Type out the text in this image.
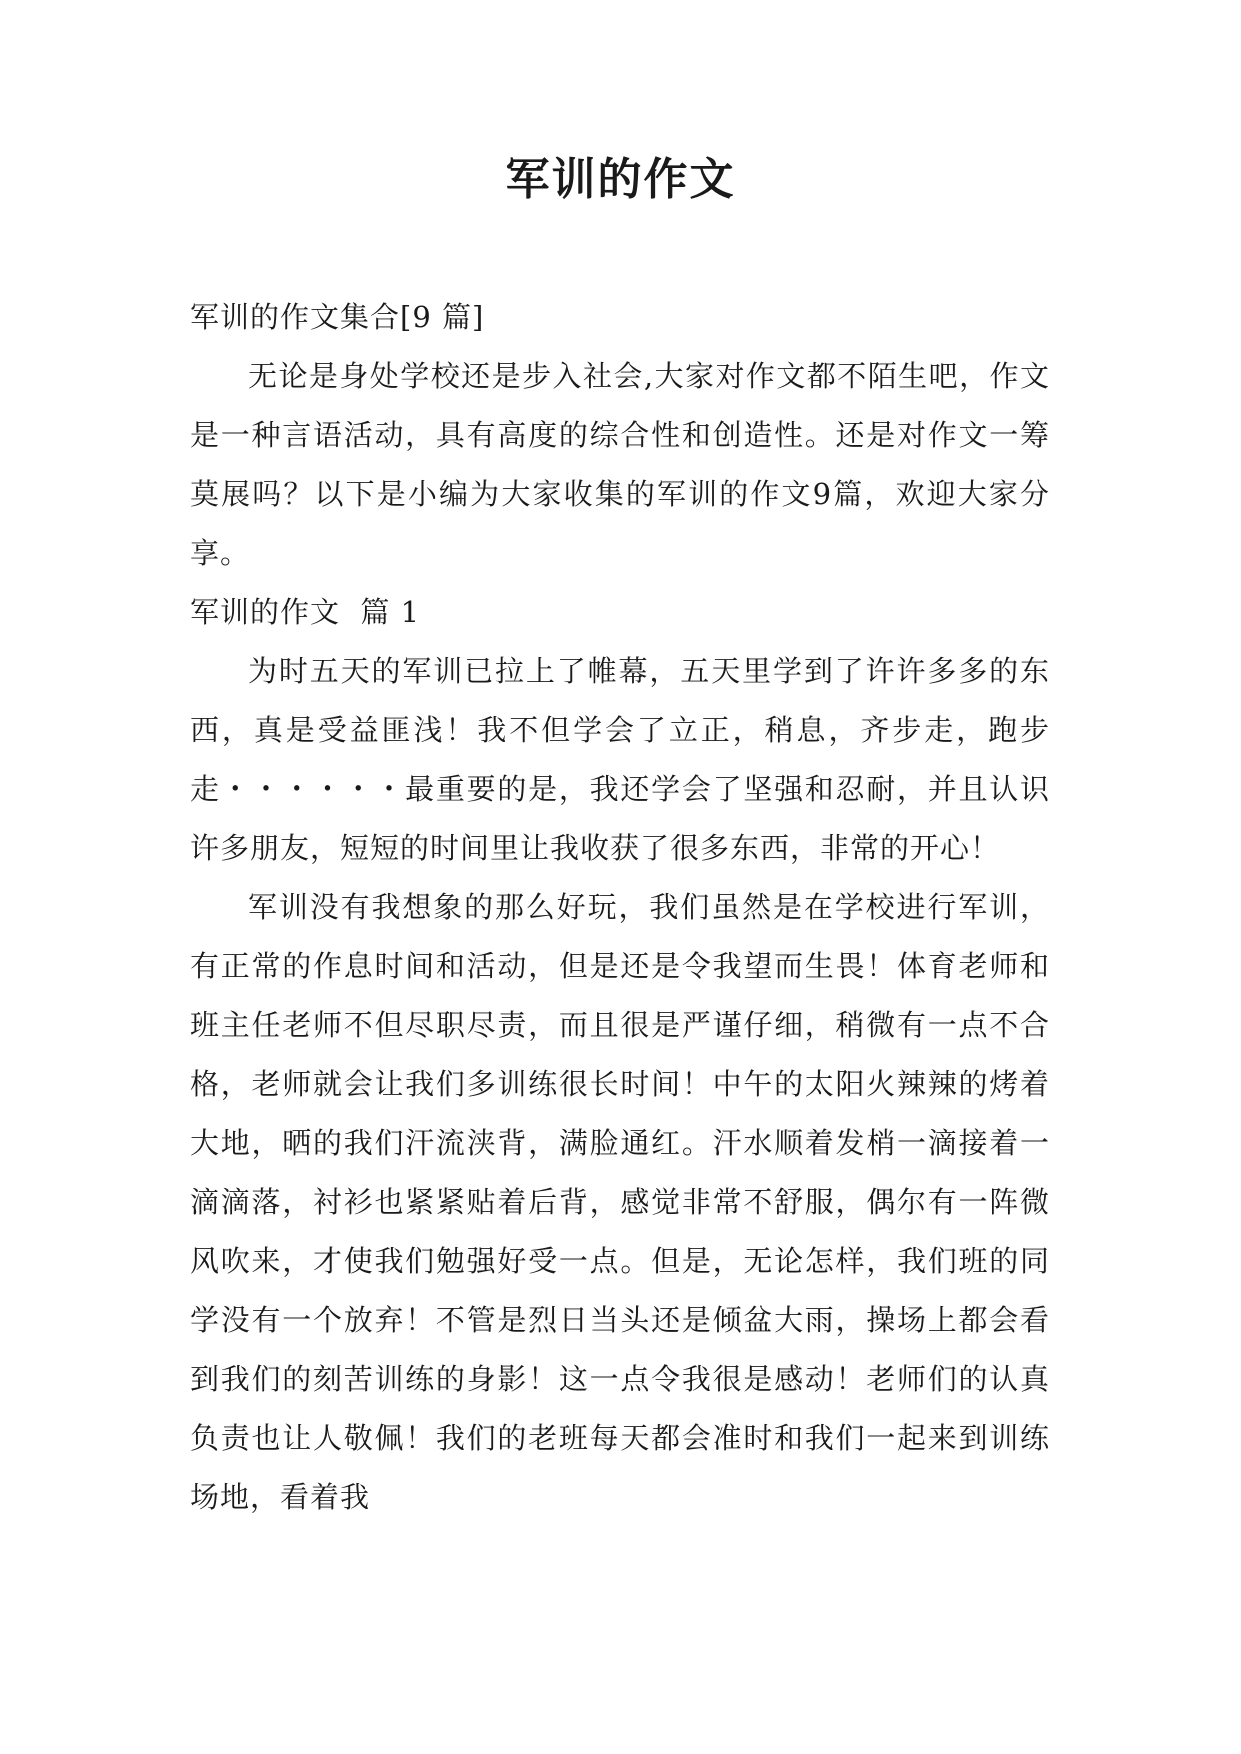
军训的作文

军训的作文集合[9 篇]

无论是身处学校还是步入社会,大家对作文都不陌生吧，作文是一种言语活动，具有高度的综合性和创造性。还是对作文一筹莫展吗？以下是小编为大家收集的军训的作文9篇，欢迎大家分享。

军训的作文  篇 1

为时五天的军训已拉上了帷幕，五天里学到了许许多多的东西，真是受益匪浅！我不但学会了立正，稍息，齐步走，跑步走・・・・・・最重要的是，我还学会了坚强和忍耐，并且认识许多朋友，短短的时间里让我收获了很多东西，非常的开心！

军训没有我想象的那么好玩，我们虽然是在学校进行军训，有正常的作息时间和活动，但是还是令我望而生畏！体育老师和班主任老师不但尽职尽责，而且很是严谨仔细，稍微有一点不合格，老师就会让我们多训练很长时间！中午的太阳火辣辣的烤着大地，晒的我们汗流浃背，满脸通红。汗水顺着发梢一滴接着一滴滴落，衬衫也紧紧贴着后背，感觉非常不舒服，偶尔有一阵微风吹来，才使我们勉强好受一点。但是，无论怎样，我们班的同学没有一个放弃！不管是烈日当头还是倾盆大雨，操场上都会看到我们的刻苦训练的身影！这一点令我很是感动！老师们的认真负责也让人敬佩！我们的老班每天都会准时和我们一起来到训练场地，看着我
